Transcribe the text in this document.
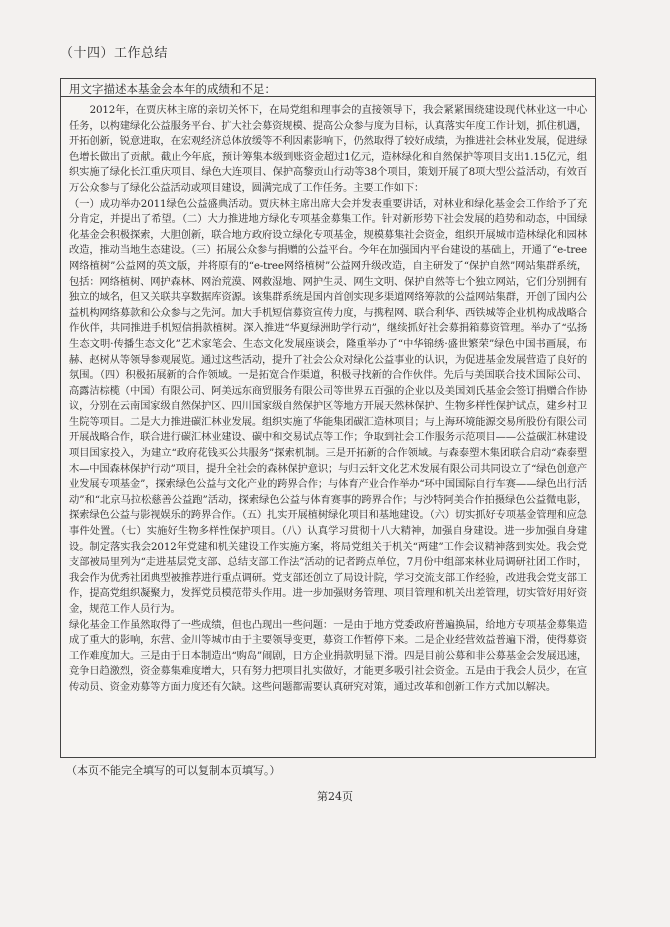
（十四）工作总结
用文字描述本基金会本年的成绩和不足：

2012年，在贾庆林主席的亲切关怀下，在局党组和理事会的直接领导下，我会紧紧围绕建设现代林业这一中心任务，以构建绿化公益服务平台、扩大社会募资规模、提高公众参与度为目标，认真落实年度工作计划，抓住机遇，开拓创新，锐意进取，在宏观经济总体放缓等不利因素影响下，仍然取得了较好成绩，为推进社会林业发展，促进绿色增长做出了贡献。截止今年底，预计筹集本级到账资金超过1亿元，造林绿化和自然保护等项目支出1.15亿元，组织实施了绿化长江重庆项目、绿色大连项目、保护高黎贡山行动等38个项目，策划开展了8项大型公益活动，有效百万公众参与了绿化公益活动或项目建设，圆满完成了工作任务。主要工作如下：

（一）成功举办2011绿色公益盛典活动。贾庆林主席出席大会并发表重要讲话，对林业和绿化基金会工作给予了充分肯定，并提出了希望。（二）大力推进地方绿化专项基金募集工作。针对新形势下社会发展的趋势和动态，中国绿化基金会积极探索，大胆创新，联合地方政府设立绿化专项基金，规模募集社会资金，组织开展城市造林绿化和园林改造，推动当地生态建设。（三）拓展公众参与捐赠的公益平台。今年在加强国内平台建设的基础上，开通了“e-tree网络植树”公益网的英文版，并将原有的“e-tree网络植树”公益网升级改造，自主研发了“保护自然”网站集群系统，包括：网络植树、网护森林、网治荒漠、网救湿地、网护生灵、网生文明、保护自然等七个独立网站，它们分别拥有独立的域名，但又关联共享数据库资源。该集群系统是国内首创实现多渠道网络筹款的公益网站集群，开创了国内公益机构网络募款和公众参与之先河。加大手机短信募资宣传力度，与携程网、联合利华、西铁城等企业机构成战略合作伙伴，共同推进手机短信捐款植树。深入推进“华夏绿洲助学行动”，继续抓好社会募捐箱募资管理。举办了“弘扬生态文明·传播生态文化”艺术家笔会、生态文化发展座谈会，隆重举办了“中华锦绣·盛世繁荣”绿色中国书画展，布赫、赵树从等领导参观展览。通过这些活动，提升了社会公众对绿化公益事业的认识，为促进基金发展营造了良好的氛围。（四）积极拓展新的合作领域。一是拓宽合作渠道，积极寻找新的合作伙伴。先后与美国联合技术国际公司、高露洁棕榄（中国）有限公司、阿美远东商贸服务有限公司等世界五百强的企业以及美国刘氏基金会签订捐赠合作协议，分别在云南国家级自然保护区、四川国家级自然保护区等地方开展天然林保护、生物多样性保护试点，建乡村卫生院等项目。二是大力推进碳汇林业发展。组织实施了华能集团碳汇造林项目；与上海环境能源交易所股份有限公司开展战略合作，联合进行碳汇林业建设、碳中和交易试点等工作；争取到社会工作服务示范项目——公益碳汇林建设项目国家投入，为建立“政府花钱买公共服务”探索机制。三是开拓新的合作领域。与森泰塑木集团联合启动“森泰塑木—中国森林保护行动”项目，提升全社会的森林保护意识；与归云轩文化艺术发展有限公司共同设立了“绿色创意产业发展专项基金”，探索绿色公益与文化产业的跨界合作；与体育产业合作举办“环中国国际自行车赛——绿色出行活动”和“北京马拉松慈善公益跑”活动，探索绿色公益与体育赛事的跨界合作；与沙特阿美合作拍摄绿色公益微电影，探索绿色公益与影视娱乐的跨界合作。（五）扎实开展植树绿化项目和基地建设。（六）切实抓好专项基金管理和应急事件处置。（七）实施好生物多样性保护项目。（八）认真学习贯彻十八大精神，加强自身建设。进一步加强自身建设。制定落实我会2012年党建和机关建设工作实施方案，将局党组关于机关“两建”工作会议精神落到实处。我会党支部被局里列为“走进基层党支部、总结支部工作法”活动的记者跨点单位，7月份中组部来林业局调研社团工作时，我会作为优秀社团典型被推荐进行重点调研。党支部还创立了局设计院，学习交流支部工作经验，改进我会党支部工作，提高党组织凝聚力，发挥党员模范带头作用。进一步加强财务管理、项目管理和机关出差管理，切实管好用好资金，规范工作人员行为。

绿化基金工作虽然取得了一些成绩，但也凸现出一些问题：一是由于地方党委政府普遍换届，给地方专项基金募集造成了重大的影响，东营、金川等城市由于主要领导变更，募资工作暂停下来。二是企业经营效益普遍下滑，使得募资工作难度加大。三是由于日本制造出“购岛”闹剧，日方企业捐款明显下滑。四是目前公募和非公募基金会发展迅速，竞争日趋激烈，资金募集难度增大，只有努力把项目扎实做好，才能更多吸引社会资金。五是由于我会人员少，在宣传动员、资金劝募等方面力度还有欠缺。这些问题都需要认真研究对策，通过改革和创新工作方式加以解决。

（本页不能完全填写的可以复制本页填写。）
第24页
